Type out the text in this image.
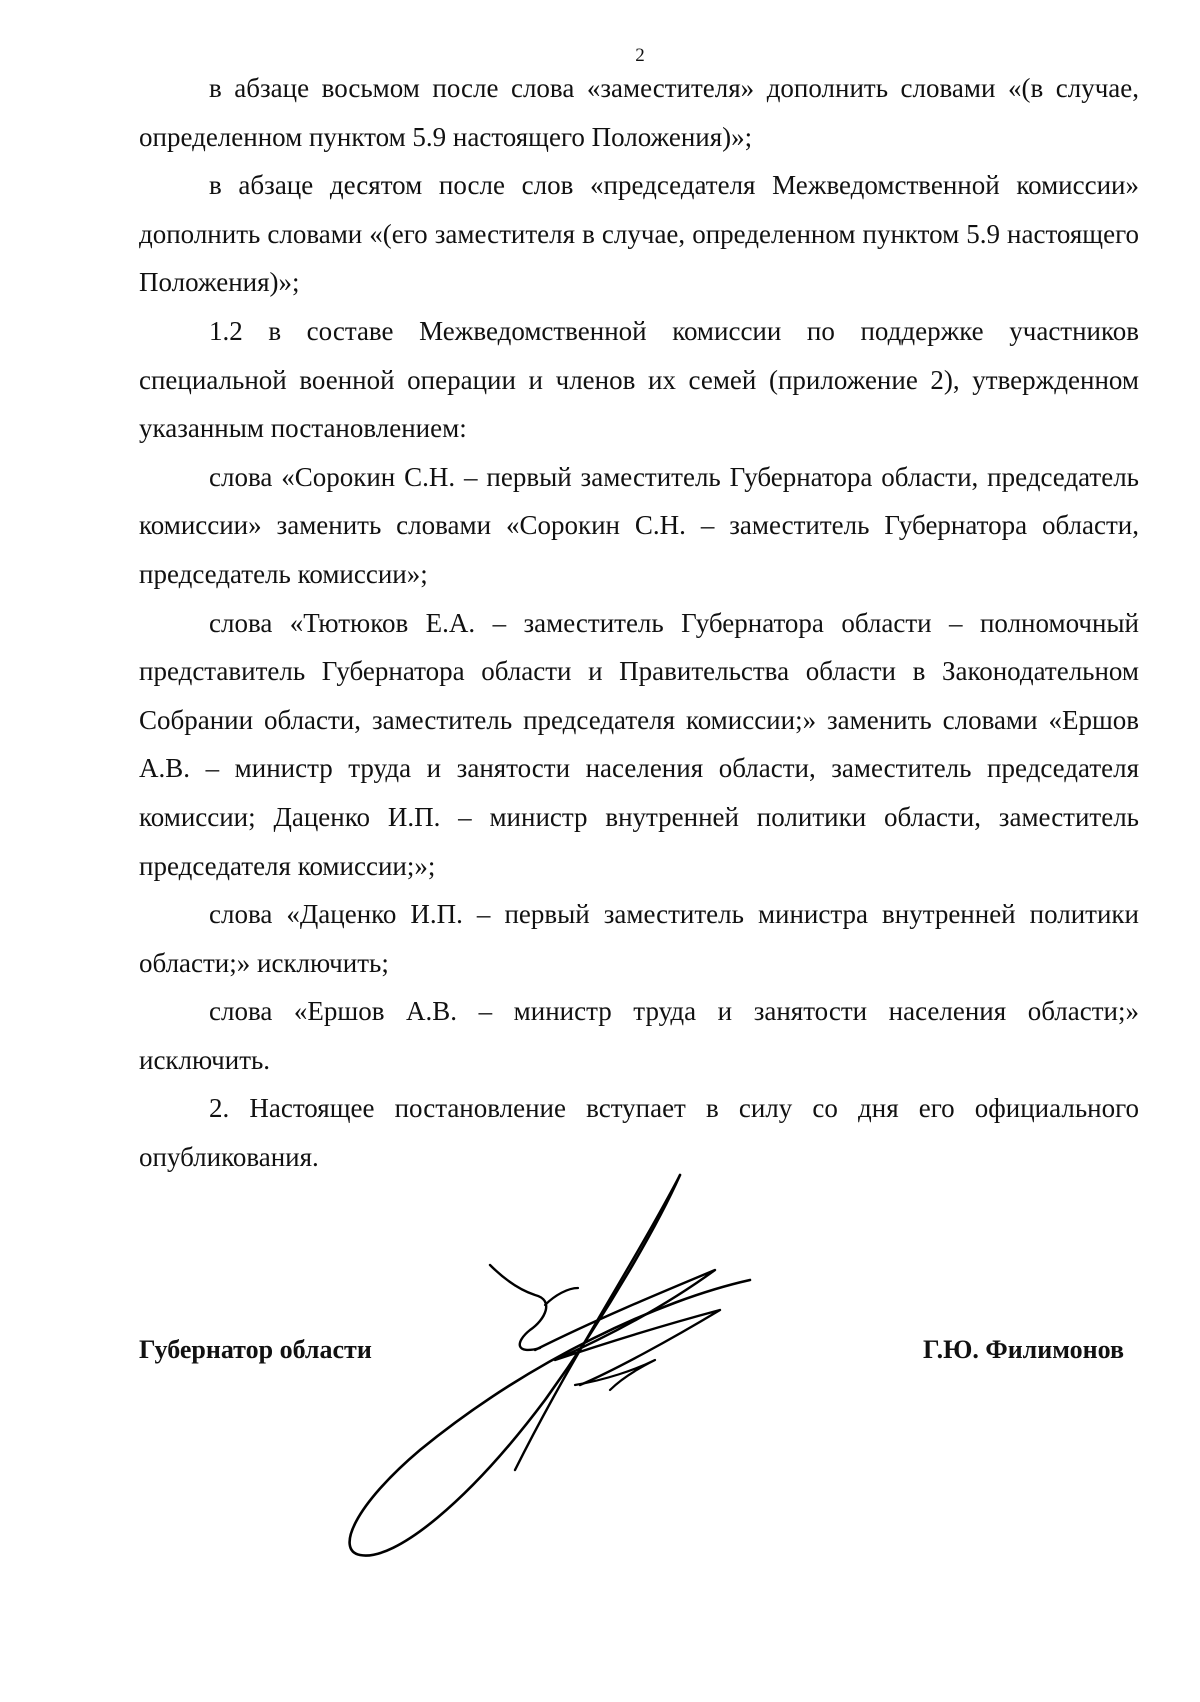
2

в абзаце восьмом после слова «заместителя» дополнить словами «(в случае, определенном пунктом 5.9 настоящего Положения)»;

в абзаце десятом после слов «председателя Межведомственной комиссии» дополнить словами «(его заместителя в случае, определенном пунктом 5.9 настоящего Положения)»;

1.2 в составе Межведомственной комиссии по поддержке участников специальной военной операции и членов их семей (приложение 2), утвержденном указанным постановлением:

слова «Сорокин С.Н. – первый заместитель Губернатора области, председатель комиссии» заменить словами «Сорокин С.Н. – заместитель Губернатора области, председатель комиссии»;

слова «Тютюков Е.А. – заместитель Губернатора области – полномочный представитель Губернатора области и Правительства области в Законодательном Собрании области, заместитель председателя комиссии;» заменить словами «Ершов А.В. – министр труда и занятости населения области, заместитель председателя комиссии; Даценко И.П. – министр внутренней политики области, заместитель председателя комиссии;»;

слова «Даценко И.П. – первый заместитель министра внутренней политики области;» исключить;

слова «Ершов А.В. – министр труда и занятости населения области;» исключить.

2. Настоящее постановление вступает в силу со дня его официального опубликования.

Губернатор области	Г.Ю. Филимонов
